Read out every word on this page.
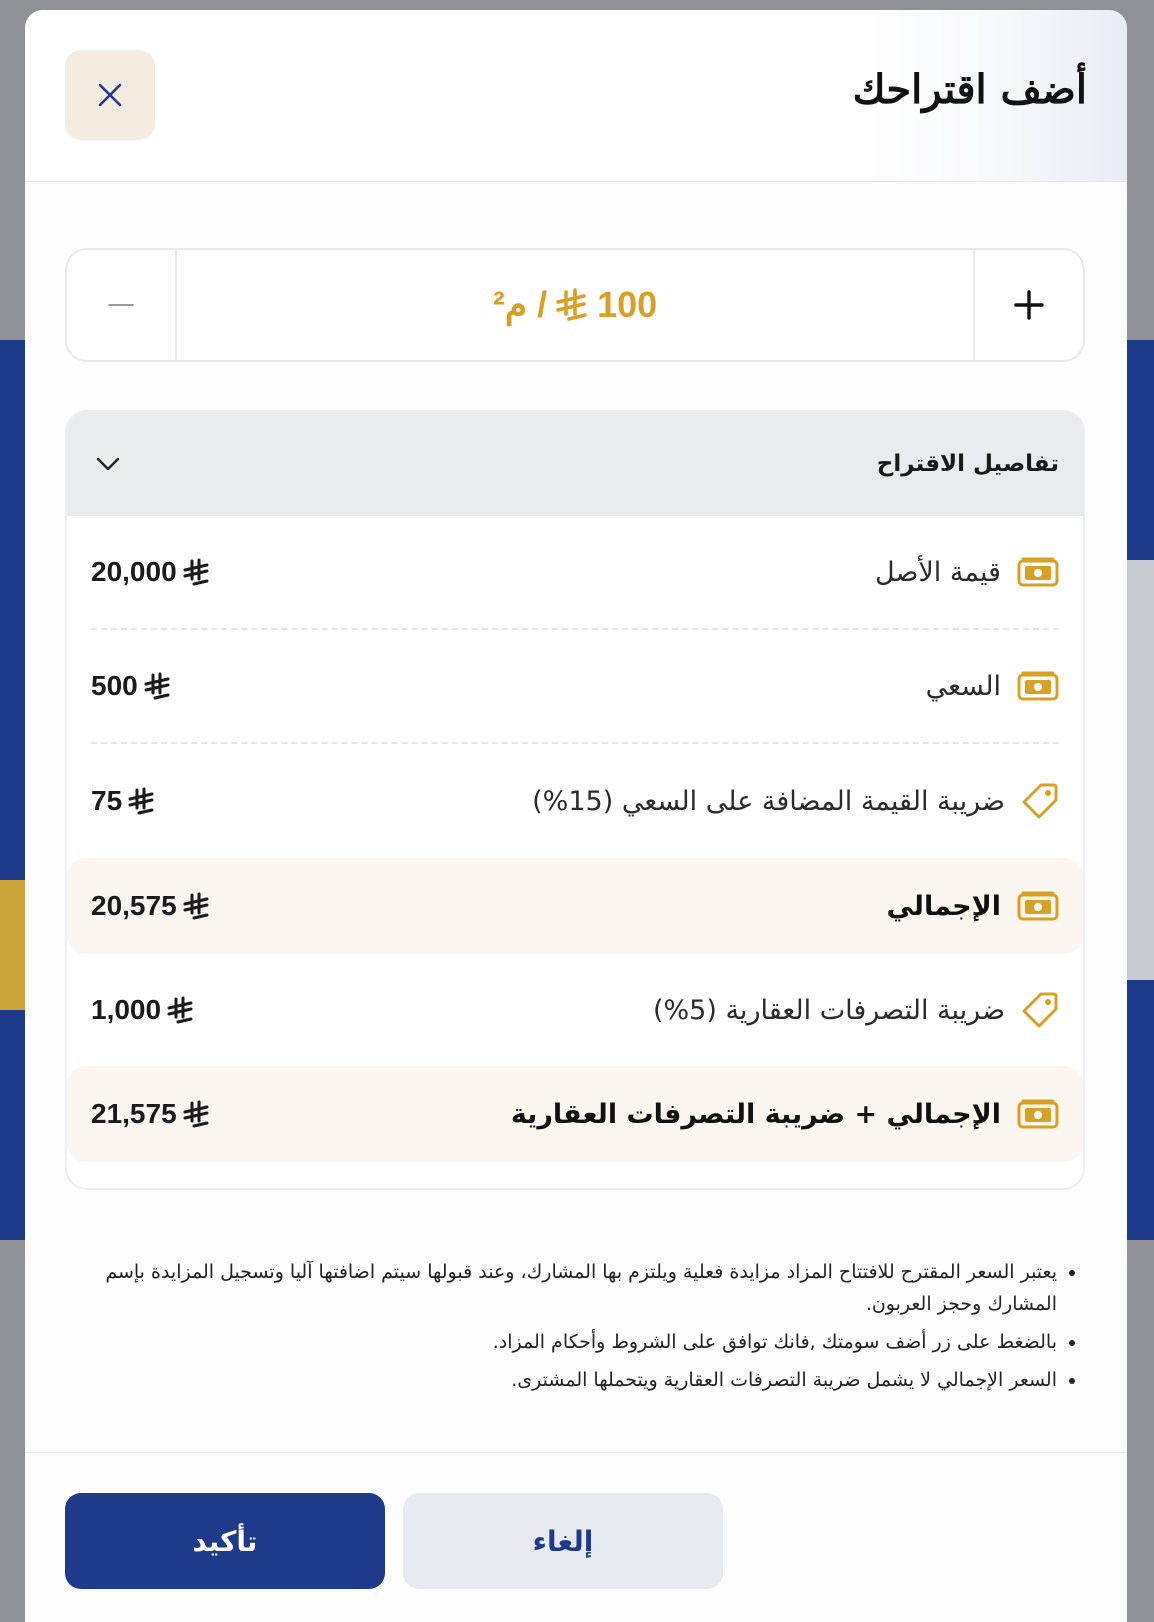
أضف اقتراحك
100
/ م²
تفاصيل الاقتراح
قيمة الأصل
20,000
السعي
500
ضريبة القيمة المضافة على السعي (15%)
75
الإجمالي
20,575
ضريبة التصرفات العقارية (5%)
1,000
الإجمالي + ضريبة التصرفات العقارية
21,575
• يعتبر السعر المقترح للافتتاح المزاد مزايدة فعلية ويلتزم بها المشارك، وعند قبولها سيتم اضافتها آليا وتسجيل المزايدة بإسم المشارك وحجز العربون.
• بالضغط على زر أضف سومتك ,فانك توافق على الشروط وأحكام المزاد.
• السعر الإجمالي لا يشمل ضريبة التصرفات العقارية ويتحملها المشترى.
إلغاء
تأكيد
